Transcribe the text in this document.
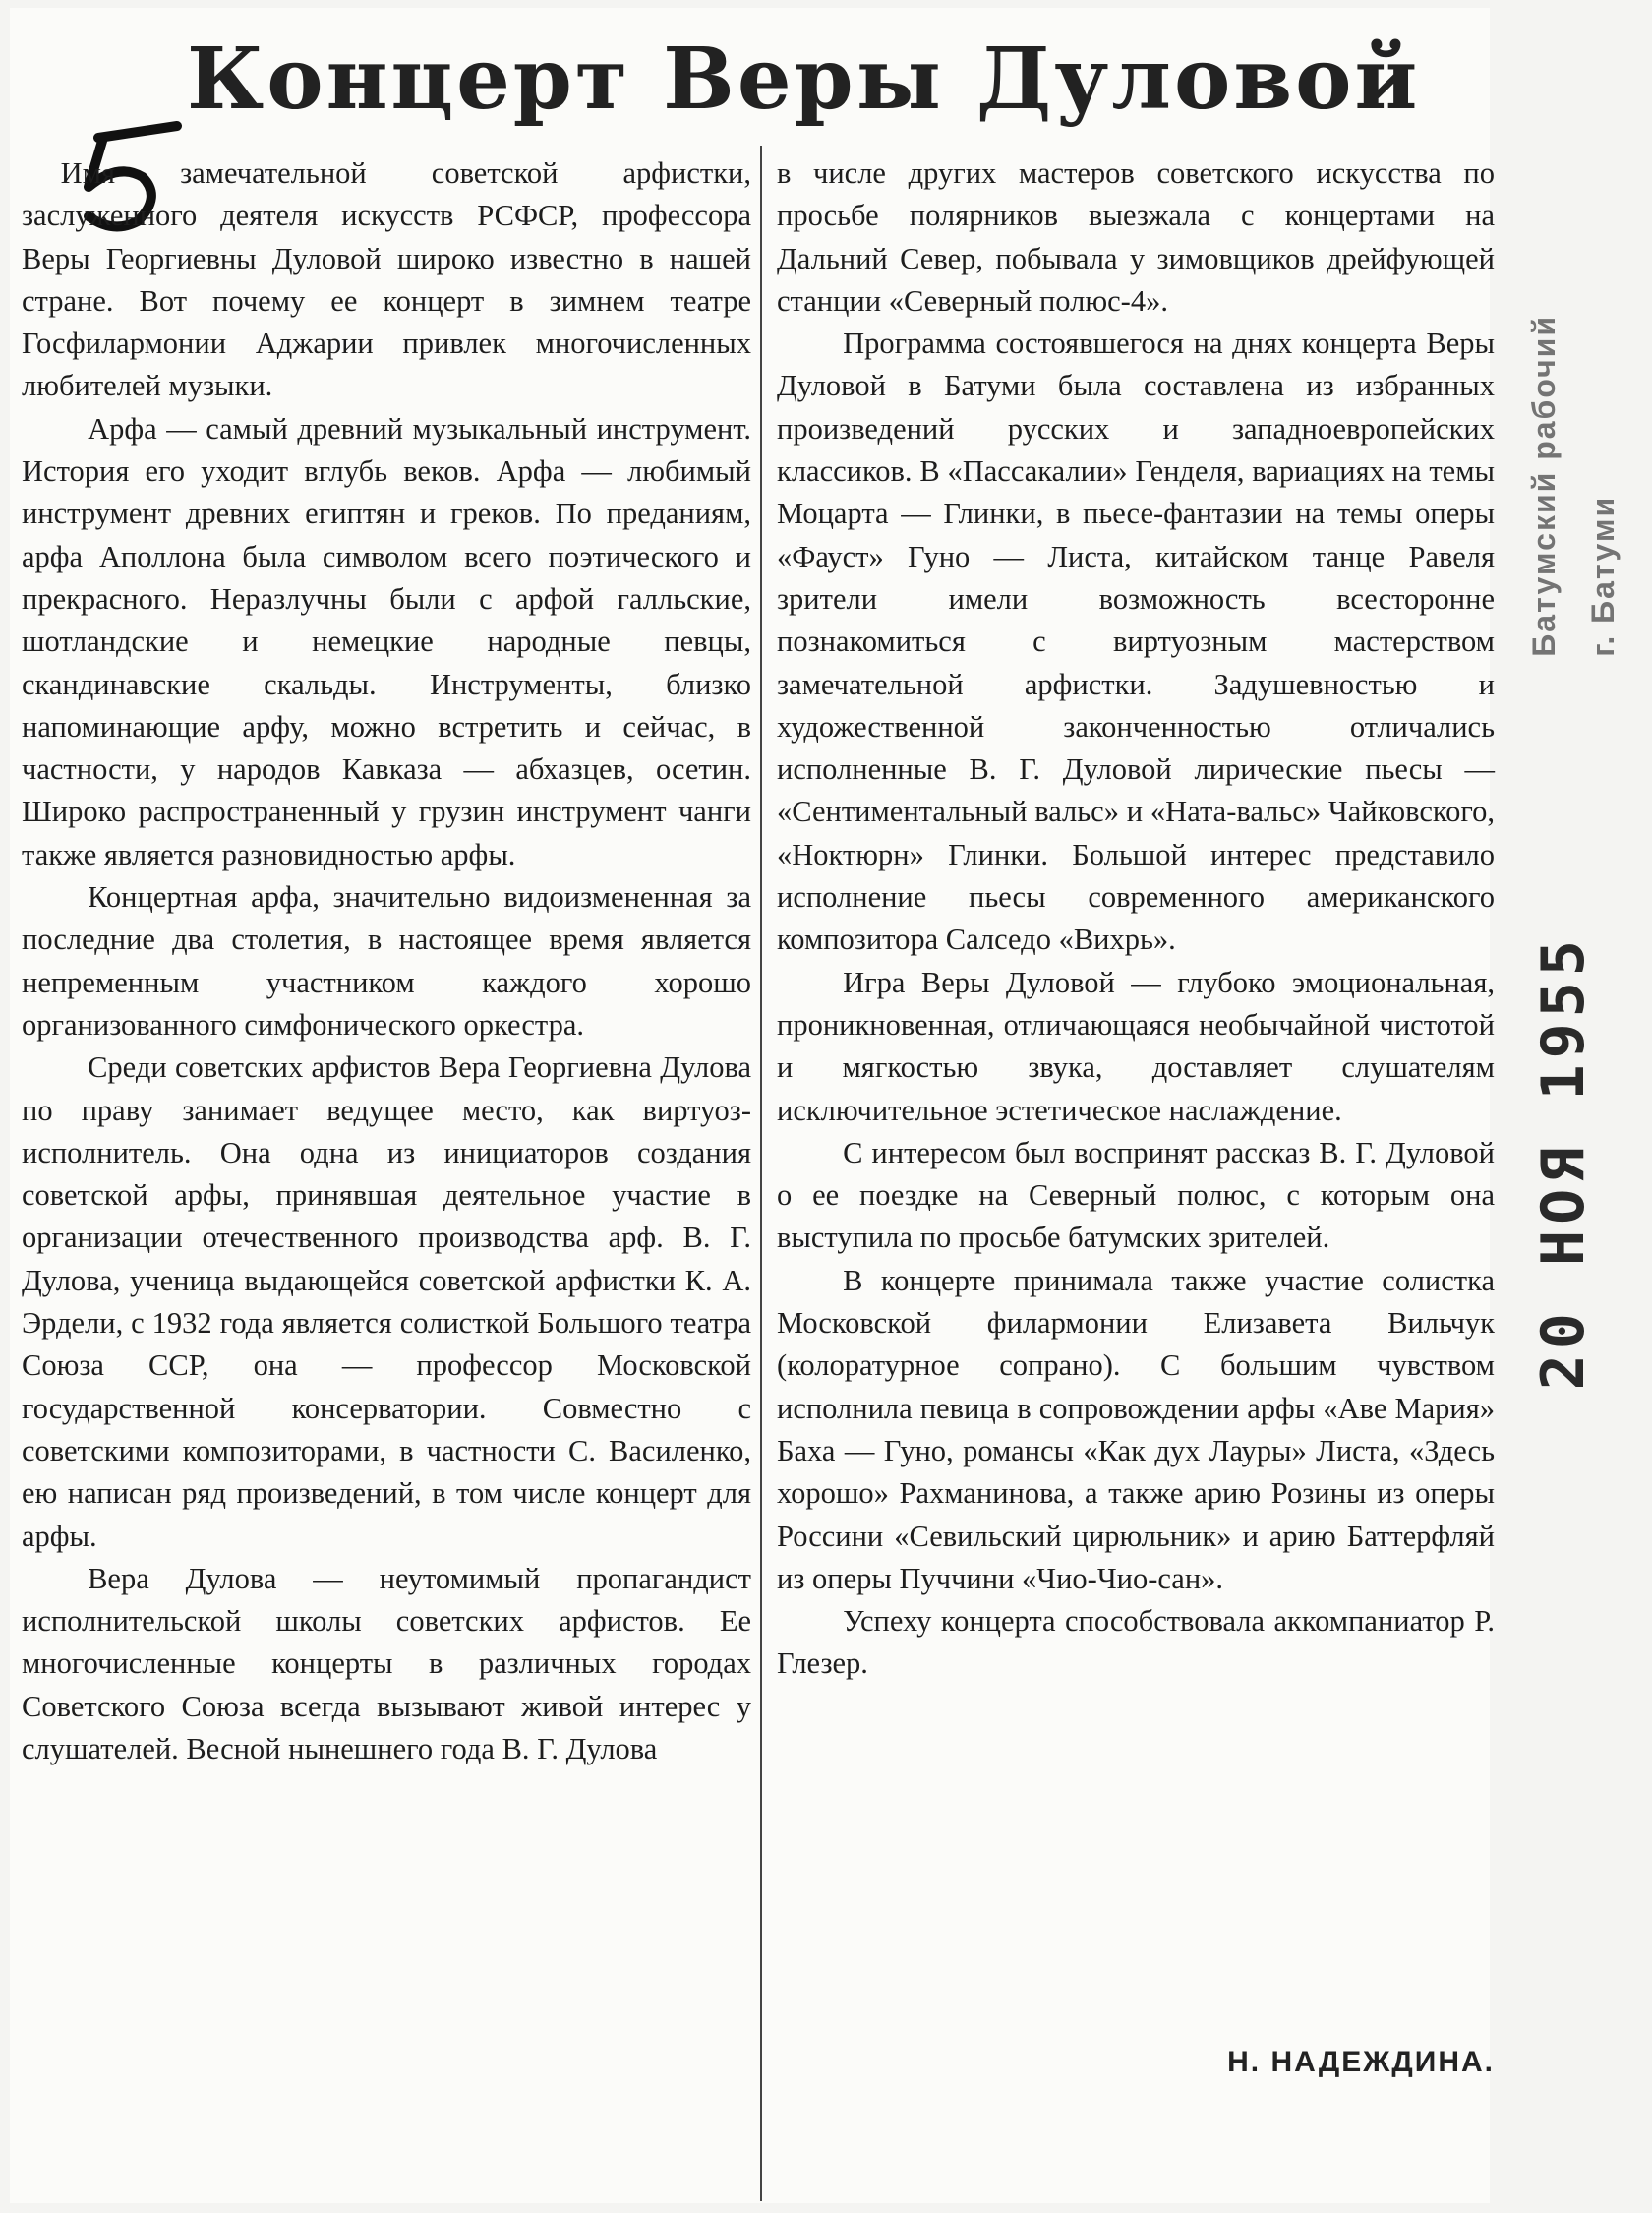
Концерт Веры Дуловой

Имя замечательной советской арфистки, заслуженного деятеля искусств РСФСР, профессора Веры Георгиевны Дуловой широко известно в нашей стране. Вот почему ее концерт в зимнем театре Госфилармонии Аджарии привлек многочисленных любителей музыки.

Арфа — самый древний музыкальный инструмент. История его уходит вглубь веков. Арфа — любимый инструмент древних египтян и греков. По преданиям, арфа Аполлона была символом всего поэтического и прекрасного. Неразлучны были с арфой галльские, шотландские и немецкие народные певцы, скандинавские скальды. Инструменты, близко напоминающие арфу, можно встретить и сейчас, в частности, у народов Кавказа — абхазцев, осетин. Широко распространенный у грузин инструмент чанги также является разновидностью арфы.

Концертная арфа, значительно видоизмененная за последние два столетия, в настоящее время является непременным участником каждого хорошо организованного симфонического оркестра.

Среди советских арфистов Вера Георгиевна Дулова по праву занимает ведущее место, как виртуоз-исполнитель. Она одна из инициаторов создания советской арфы, принявшая деятельное участие в организации отечественного производства арф. В. Г. Дулова, ученица выдающейся советской арфистки К. А. Эрдели, с 1932 года является солисткой Большого театра Союза ССР, она — профессор Московской государственной консерватории. Совместно с советскими композиторами, в частности С. Василенко, ею написан ряд произведений, в том числе концерт для арфы.

Вера Дулова — неутомимый пропагандист исполнительской школы советских арфистов. Ее многочисленные концерты в различных городах Советского Союза всегда вызывают живой интерес у слушателей. Весной нынешнего года В. Г. Дулова

в числе других мастеров советского искусства по просьбе полярников выезжала с концертами на Дальний Север, побывала у зимовщиков дрейфующей станции «Северный полюс-4».

Программа состоявшегося на днях концерта Веры Дуловой в Батуми была составлена из избранных произведений русских и западноевропейских классиков. В «Пассакалии» Генделя, вариациях на темы Моцарта — Глинки, в пьесе-фантазии на темы оперы «Фауст» Гуно — Листа, китайском танце Равеля зрители имели возможность всесторонне познакомиться с виртуозным мастерством замечательной арфистки. Задушевностью и художественной законченностью отличались исполненные В. Г. Дуловой лирические пьесы — «Сентиментальный вальс» и «Ната-вальс» Чайковского, «Ноктюрн» Глинки. Большой интерес представило исполнение пьесы современного американского композитора Салседо «Вихрь».

Игра Веры Дуловой — глубоко эмоциональная, проникновенная, отличающаяся необычайной чистотой и мягкостью звука, доставляет слушателям исключительное эстетическое наслаждение.

С интересом был воспринят рассказ В. Г. Дуловой о ее поездке на Северный полюс, с которым она выступила по просьбе батумских зрителей.

В концерте принимала также участие солистка Московской филармонии Елизавета Вильчук (колоратурное сопрано). С большим чувством исполнила певица в сопровождении арфы «Аве Мария» Баха — Гуно, романсы «Как дух Лауры» Листа, «Здесь хорошо» Рахманинова, а также арию Розины из оперы Россини «Севильский цирюльник» и арию Баттерфляй из оперы Пуччини «Чио-Чио-сан».

Успеху концерта способствовала аккомпаниатор Р. Глезер.

Н. НАДЕЖДИНА.
Батумский рабочий г. Батуми
20 НОЯ 1955
